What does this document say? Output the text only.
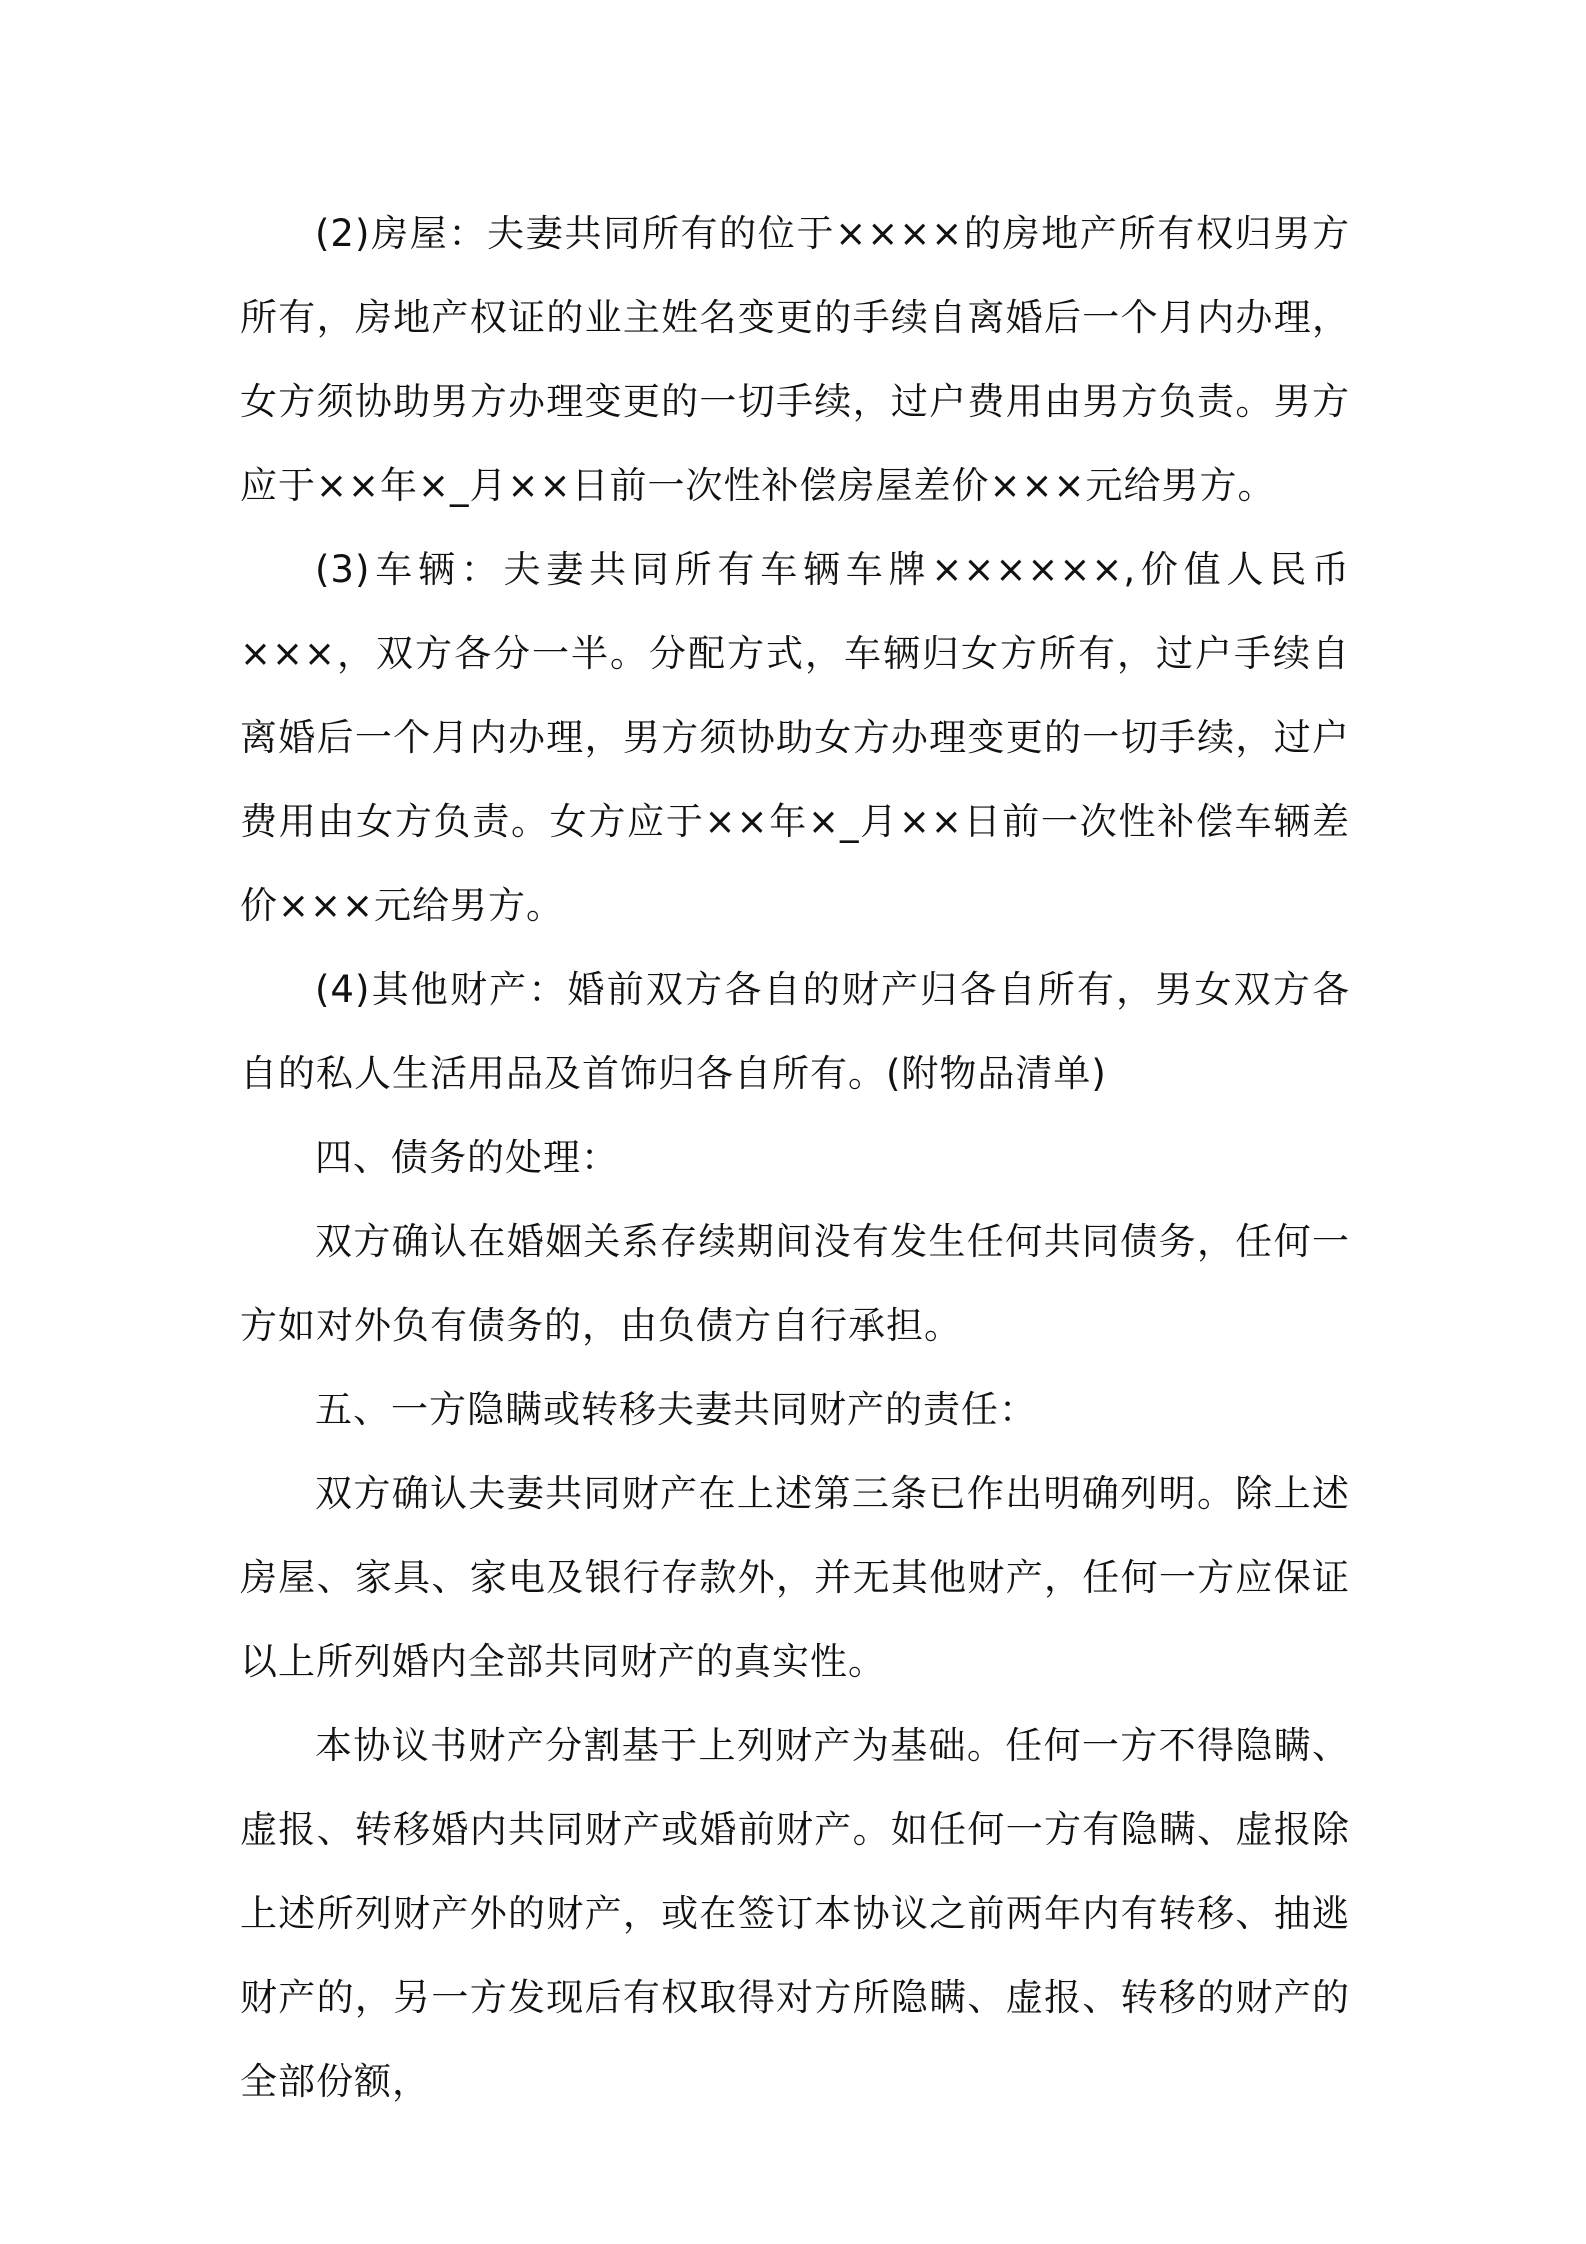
(2)房屋：夫妻共同所有的位于××××的房地产所有权归男方所有，房地产权证的业主姓名变更的手续自离婚后一个月内办理，女方须协助男方办理变更的一切手续，过户费用由男方负责。男方应于××年×_月××日前一次性补偿房屋差价×××元给男方。

(3)车辆：夫妻共同所有车辆车牌××××××,价值人民币×××，双方各分一半。分配方式，车辆归女方所有，过户手续自离婚后一个月内办理，男方须协助女方办理变更的一切手续，过户费用由女方负责。女方应于××年×_月××日前一次性补偿车辆差价×××元给男方。

(4)其他财产：婚前双方各自的财产归各自所有，男女双方各自的私人生活用品及首饰归各自所有。(附物品清单)

四、债务的处理：

双方确认在婚姻关系存续期间没有发生任何共同债务，任何一方如对外负有债务的，由负债方自行承担。

五、一方隐瞒或转移夫妻共同财产的责任：

双方确认夫妻共同财产在上述第三条已作出明确列明。除上述房屋、家具、家电及银行存款外，并无其他财产，任何一方应保证以上所列婚内全部共同财产的真实性。

本协议书财产分割基于上列财产为基础。任何一方不得隐瞒、虚报、转移婚内共同财产或婚前财产。如任何一方有隐瞒、虚报除上述所列财产外的财产，或在签订本协议之前两年内有转移、抽逃财产的，另一方发现后有权取得对方所隐瞒、虚报、转移的财产的全部份额，
